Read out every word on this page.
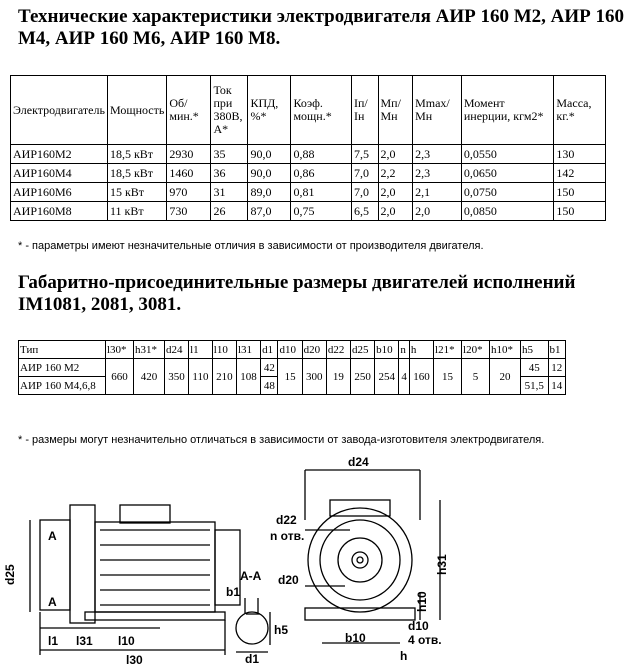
Технические характеристики электродвигателя АИР 160 М2, АИР 160 М4, АИР 160 М6, АИР 160 М8.
Электродвигатель	Мощность	Об/мин.*	Ток при 380В, А*	КПД, %*	Коэф. мощн.*	Iп/ Iн	Мп/Мн	Mmax/Мн	Момент инерции, кгм2*	Масса, кг.*
АИР160М2	18,5 кВт	2930	35	90,0	0,88	7,5	2,0	2,3	0,0550	130
АИР160М4	18,5 кВт	1460	36	90,0	0,86	7,0	2,2	2,3	0,0650	142
АИР160М6	15 кВт	970	31	89,0	0,81	7,0	2,0	2,1	0,0750	150
АИР160М8	11 кВт	730	26	87,0	0,75	6,5	2,0	2,0	0,0850	150
* - параметры имеют незначительные отличия в зависимости от производителя двигателя.
Габаритно-присоединительные размеры двигателей исполнений IM1081, 2081, 3081.
Тип	l30*	h31*	d24	l1	l10	l31	d1	d10	d20	d22	d25	b10	n	h	l21*	l20*	h10*	h5	b1
АИР 160 М2	660	420	350	110	210	108	42	15	300	19	250	254	4	160	15	5	20	45	12
АИР 160 М4,6,8							48											51,5	14
* - размеры могут незначительно отличаться в зависимости от завода-изготовителя электродвигателя.
d25
l1 l31 l10
l30
А
А
А-А
b1
d1
h5
d24
d22
n отв.
d20
h31
h10
b10
d10
4 отв.
h
